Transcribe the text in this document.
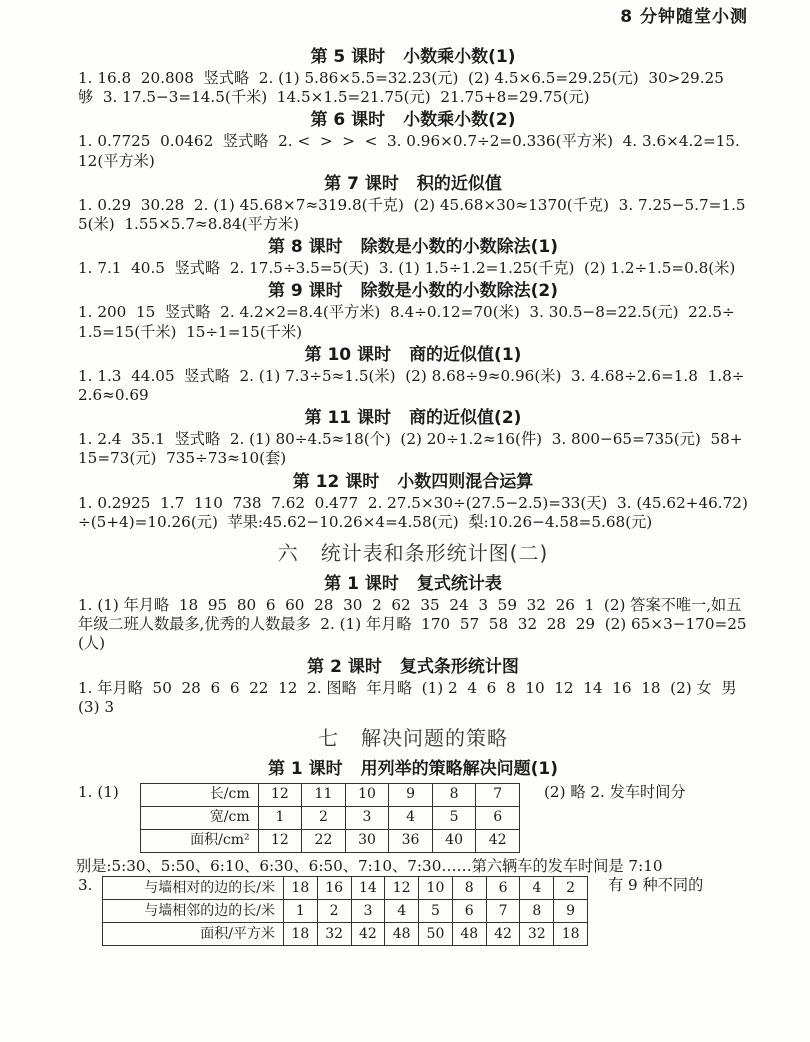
8 分钟随堂小测
第 5 课时 小数乘小数(1)

1. 16.8  20.808  竖式略  2. (1) 5.86×5.5=32.23(元)  (2) 4.5×6.5=29.25(元)  30>29.25  够  3. 17.5−3=14.5(千米)  14.5×1.5=21.75(元)  21.75+8=29.75(元)

第 6 课时 小数乘小数(2)

1. 0.7725  0.0462  竖式略  2. <  >  >  <  3. 0.96×0.7÷2=0.336(平方米)  4. 3.6×4.2=15.12(平方米)

第 7 课时 积的近似值

1. 0.29  30.28  2. (1) 45.68×7≈319.8(千克)  (2) 45.68×30≈1370(千克)  3. 7.25−5.7=1.55(米)  1.55×5.7≈8.84(平方米)

第 8 课时 除数是小数的小数除法(1)

1. 7.1  40.5  竖式略  2. 17.5÷3.5=5(天)  3. (1) 1.5÷1.2=1.25(千克)  (2) 1.2÷1.5=0.8(米)

第 9 课时 除数是小数的小数除法(2)

1. 200  15  竖式略  2. 4.2×2=8.4(平方米)  8.4÷0.12=70(米)  3. 30.5−8=22.5(元)  22.5÷1.5=15(千米)  15÷1=15(千米)

第 10 课时 商的近似值(1)

1. 1.3  44.05  竖式略  2. (1) 7.3÷5≈1.5(米)  (2) 8.68÷9≈0.96(米)  3. 4.68÷2.6=1.8  1.8÷2.6≈0.69

第 11 课时 商的近似值(2)

1. 2.4  35.1  竖式略  2. (1) 80÷4.5≈18(个)  (2) 20÷1.2≈16(件)  3. 800−65=735(元)  58+15=73(元)  735÷73≈10(套)

第 12 课时 小数四则混合运算

1. 0.2925  1.7  110  738  7.62  0.477  2. 27.5×30÷(27.5−2.5)=33(天)  3. (45.62+46.72)÷(5+4)=10.26(元)  苹果:45.62−10.26×4=4.58(元)  梨:10.26−4.58=5.68(元)

六 统计表和条形统计图(二)
第 1 课时 复式统计表

1. (1) 年月略  18  95  80  6  60  28  30  2  62  35  24  3  59  32  26  1  (2) 答案不唯一,如五年级二班人数最多,优秀的人数最多  2. (1) 年月略  170  57  58  32  28  29  (2) 65×3−170=25(人)

第 2 课时 复式条形统计图

1. 年月略  50  28  6  6  22  12  2. 图略  年月略  (1) 2  4  6  8  10  12  14  16  18  (2) 女  男  (3) 3

七 解决问题的策略
第 1 课时 用列举的策略解决问题(1)
1. (1)	长/cm	12	11	10	9	8	7
宽/cm	1	2	3	4	5	6
面积/cm²	12	22	30	36	40	42
(2) 略 2. 发车时间分

别是:5:30、5:50、6:10、6:30、6:50、7:10、7:30……第六辆车的发车时间是 7:10

3.	与墙相对的边的长/米	18	16	14	12	10	8	6	4	2
与墙相邻的边的长/米	1	2	3	4	5	6	7	8	9
面积/平方米	18	32	42	48	50	48	42	32	18
有 9 种不同的
